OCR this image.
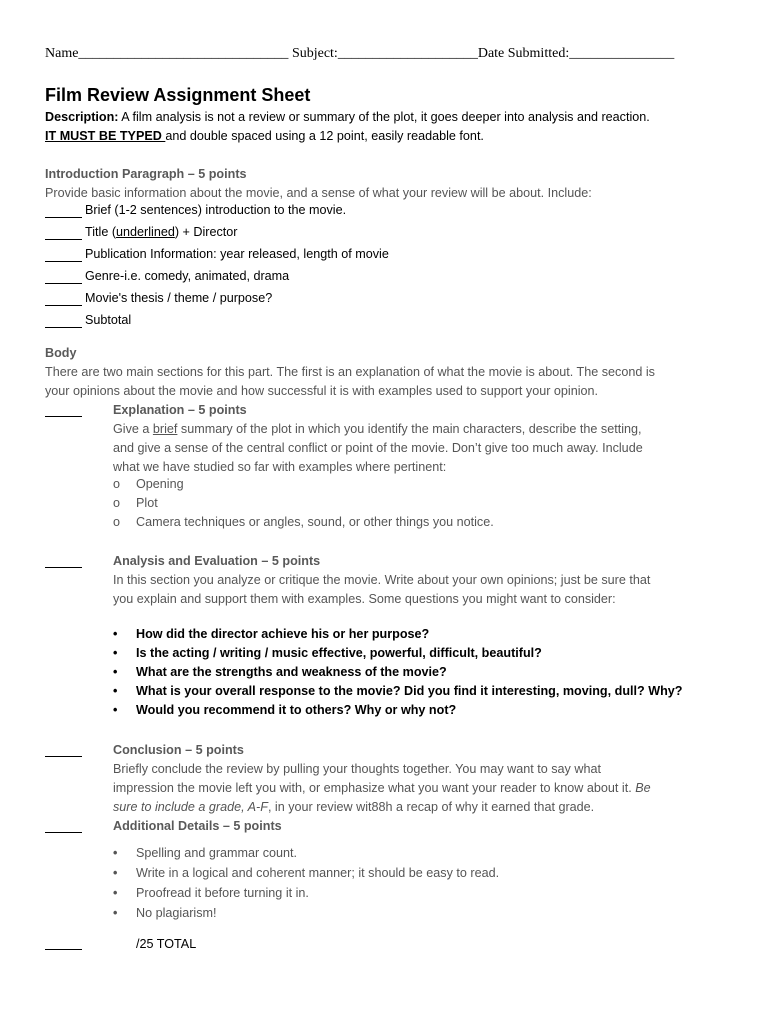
Name______________________________ Subject:____________________Date Submitted:_______________
Film Review Assignment Sheet
Description: A film analysis is not a review or summary of the plot, it goes deeper into analysis and reaction.
IT MUST BE TYPED and double spaced using a 12 point, easily readable font.
Introduction Paragraph – 5 points
Provide basic information about the movie, and a sense of what your review will be about. Include:
Brief (1-2 sentences) introduction to the movie.
Title (underlined) + Director
Publication Information: year released, length of movie
Genre-i.e. comedy, animated, drama
Movie's thesis / theme / purpose?
Subtotal
Body
There are two main sections for this part. The first is an explanation of what the movie is about. The second is
your opinions about the movie and how successful it is with examples used to support your opinion.
Explanation – 5 points
Give a brief summary of the plot in which you identify the main characters, describe the setting,
and give a sense of the central conflict or point of the movie. Don’t give too much away. Include
what we have studied so far with examples where pertinent:
o Opening
o Plot
o Camera techniques or angles, sound, or other things you notice.
Analysis and Evaluation – 5 points
In this section you analyze or critique the movie. Write about your own opinions; just be sure that
you explain and support them with examples. Some questions you might want to consider:
• How did the director achieve his or her purpose?
• Is the acting / writing / music effective, powerful, difficult, beautiful?
• What are the strengths and weakness of the movie?
• What is your overall response to the movie? Did you find it interesting, moving, dull? Why?
• Would you recommend it to others? Why or why not?
Conclusion – 5 points
Briefly conclude the review by pulling your thoughts together. You may want to say what
impression the movie left you with, or emphasize what you want your reader to know about it. Be
sure to include a grade, A-F, in your review wit88h a recap of why it earned that grade.
Additional Details – 5 points
• Spelling and grammar count.
• Write in a logical and coherent manner; it should be easy to read.
• Proofread it before turning it in.
• No plagiarism!
/25 TOTAL
